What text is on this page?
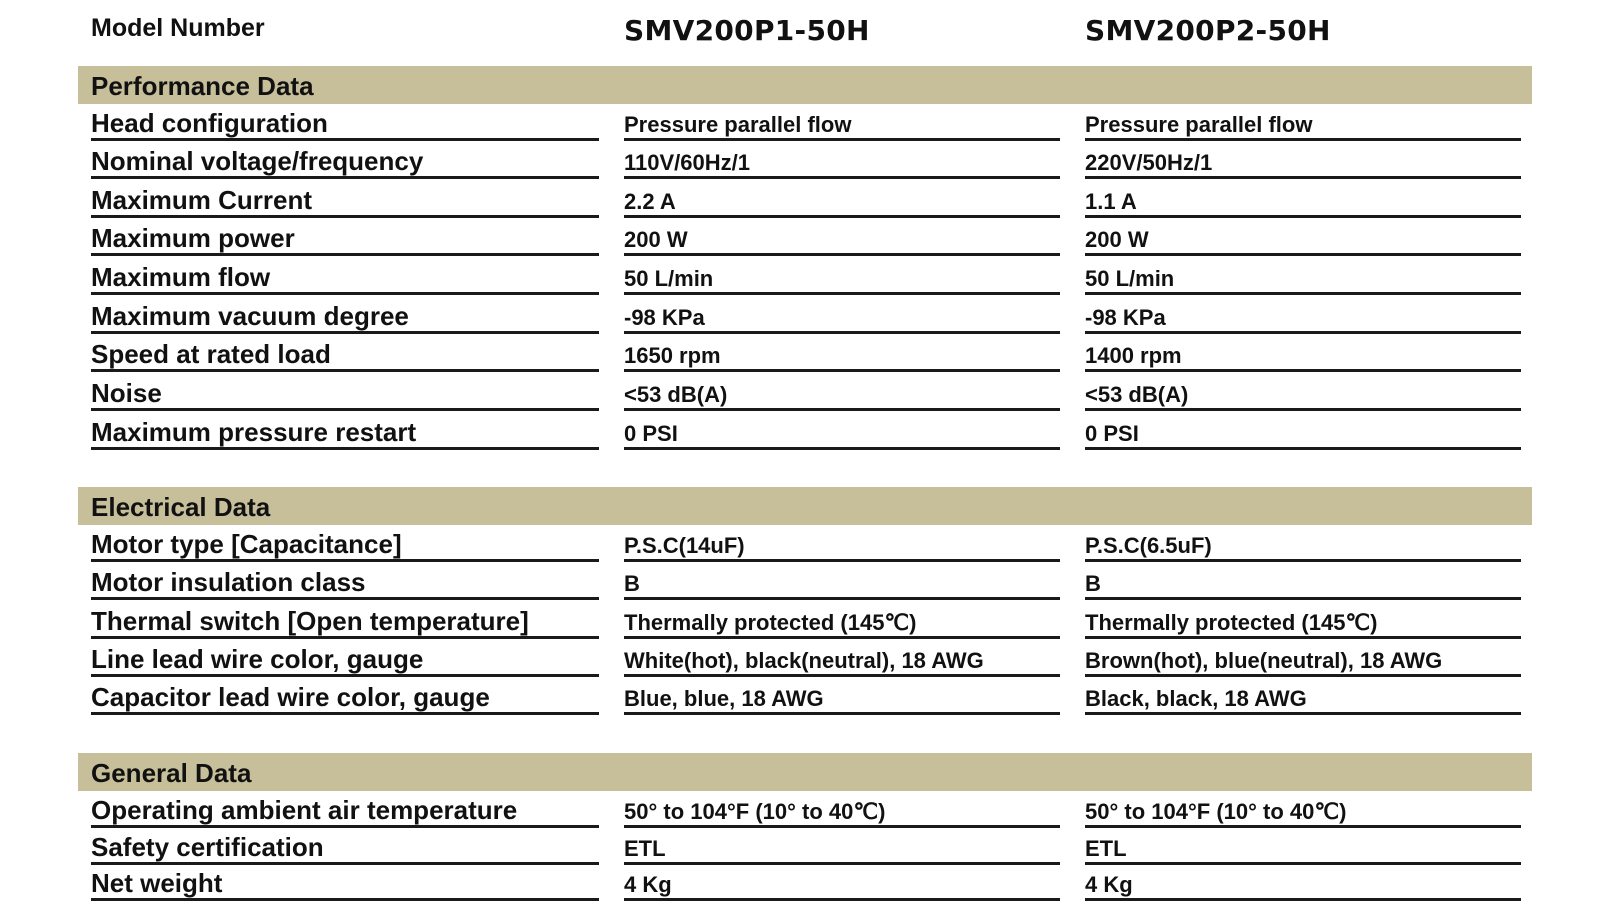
Model Number	SMV200P1-50H	SMV200P2-50H
Performance Data
Head configuration	Pressure parallel flow	Pressure parallel flow
Nominal voltage/frequency	110V/60Hz/1	220V/50Hz/1
Maximum Current	2.2 A	1.1 A
Maximum power	200 W	200 W
Maximum flow	50 L/min	50 L/min
Maximum vacuum degree	-98 KPa	-98 KPa
Speed at rated load	1650 rpm	1400 rpm
Noise	<53 dB(A)	<53 dB(A)
Maximum pressure restart	0 PSI	0 PSI
Electrical Data
Motor type [Capacitance]	P.S.C(14uF)	P.S.C(6.5uF)
Motor insulation class	B	B
Thermal switch [Open temperature]	Thermally protected (145℃)	Thermally protected (145℃)
Line lead wire color, gauge	White(hot), black(neutral), 18 AWG	Brown(hot), blue(neutral), 18 AWG
Capacitor lead wire color, gauge	Blue, blue, 18 AWG	Black, black, 18 AWG
General Data
Operating ambient air temperature	50° to 104°F (10° to 40℃)	50° to 104°F (10° to 40℃)
Safety certification	ETL	ETL
Net weight	4 Kg	4 Kg
